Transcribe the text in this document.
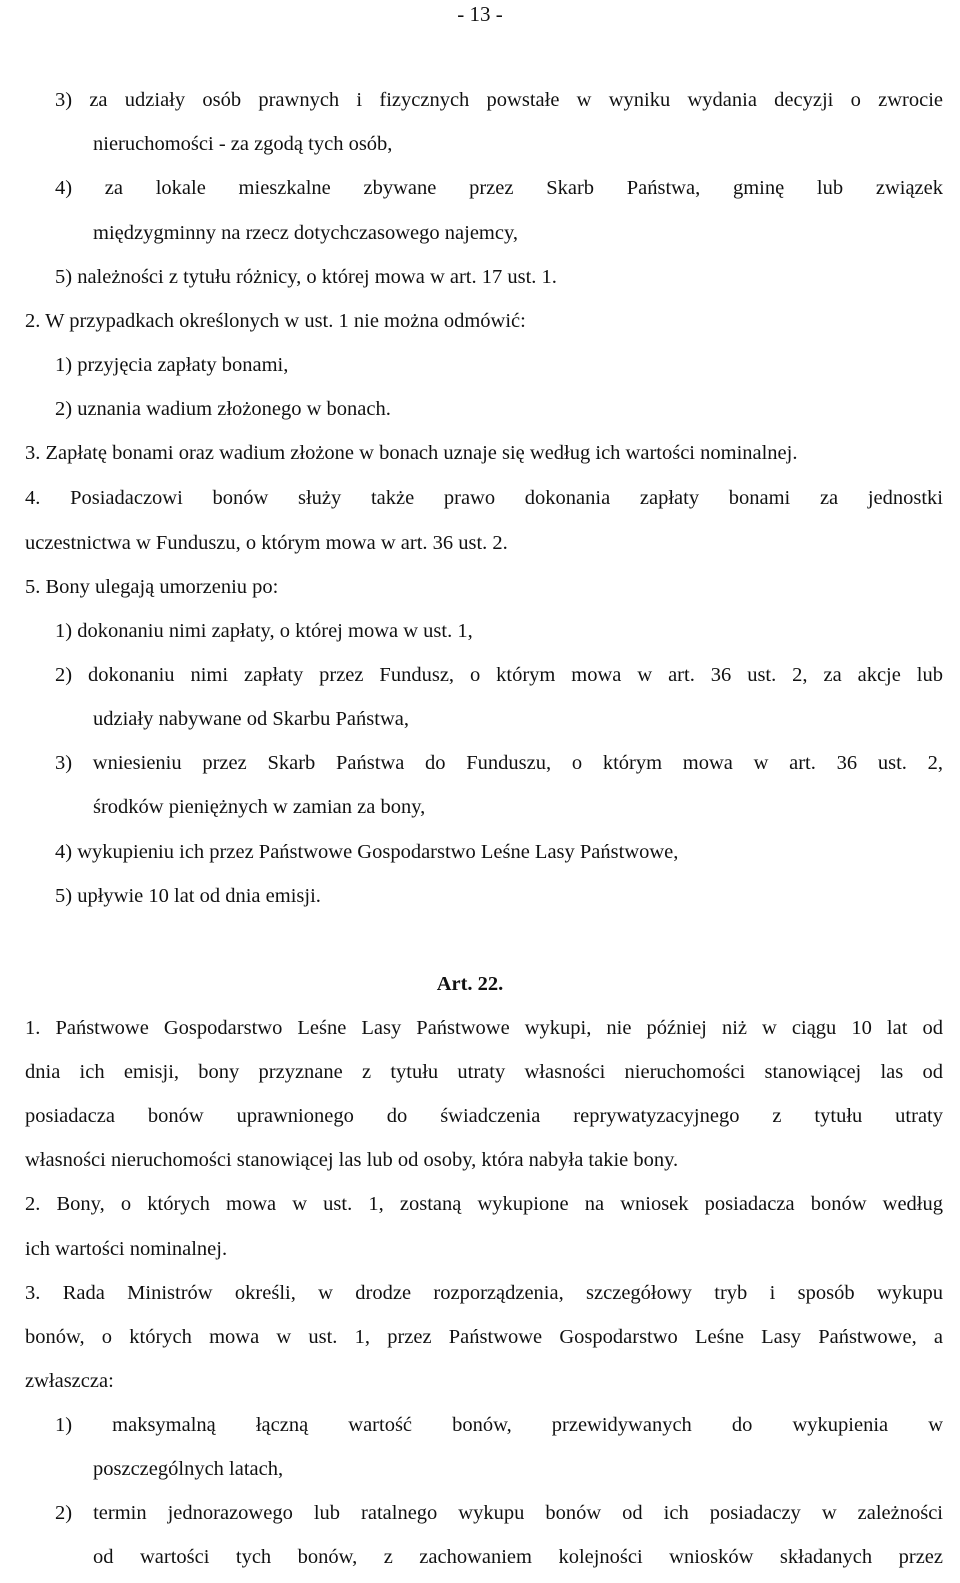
- 13 -
3) za udziały osób prawnych i fizycznych powstałe w wyniku wydania decyzji o zwrocie
nieruchomości - za zgodą tych osób,
4) za lokale mieszkalne zbywane przez Skarb Państwa, gminę lub związek
międzygminny na rzecz dotychczasowego najemcy,
5) należności z tytułu różnicy, o której mowa w art. 17 ust. 1.
2. W przypadkach określonych w ust. 1 nie można odmówić:
1) przyjęcia zapłaty bonami,
2) uznania wadium złożonego w bonach.
3. Zapłatę bonami oraz wadium złożone w bonach uznaje się według ich wartości nominalnej.
4. Posiadaczowi bonów służy także prawo dokonania zapłaty bonami za jednostki
uczestnictwa w Funduszu, o którym mowa w art. 36 ust. 2.
5. Bony ulegają umorzeniu po:
1) dokonaniu nimi zapłaty, o której mowa w ust. 1,
2) dokonaniu nimi zapłaty przez Fundusz, o którym mowa w art. 36 ust. 2, za akcje lub
udziały nabywane od Skarbu Państwa,
3) wniesieniu przez Skarb Państwa do Funduszu, o którym mowa w art. 36 ust. 2,
środków pieniężnych w zamian za bony,
4) wykupieniu ich przez Państwowe Gospodarstwo Leśne Lasy Państwowe,
5) upływie 10 lat od dnia emisji.
Art. 22.
1. Państwowe Gospodarstwo Leśne Lasy Państwowe wykupi, nie później niż w ciągu 10 lat od
dnia ich emisji, bony przyznane z tytułu utraty własności nieruchomości stanowiącej las od
posiadacza bonów uprawnionego do świadczenia reprywatyzacyjnego z tytułu utraty
własności nieruchomości stanowiącej las lub od osoby, która nabyła takie bony.
2. Bony, o których mowa w ust. 1, zostaną wykupione na wniosek posiadacza bonów według
ich wartości nominalnej.
3. Rada Ministrów określi, w drodze rozporządzenia, szczegółowy tryb i sposób wykupu
bonów, o których mowa w ust. 1, przez Państwowe Gospodarstwo Leśne Lasy Państwowe, a
zwłaszcza:
1) maksymalną łączną wartość bonów, przewidywanych do wykupienia w
poszczególnych latach,
2) termin jednorazowego lub ratalnego wykupu bonów od ich posiadaczy w zależności
od wartości tych bonów, z zachowaniem kolejności wniosków składanych przez
